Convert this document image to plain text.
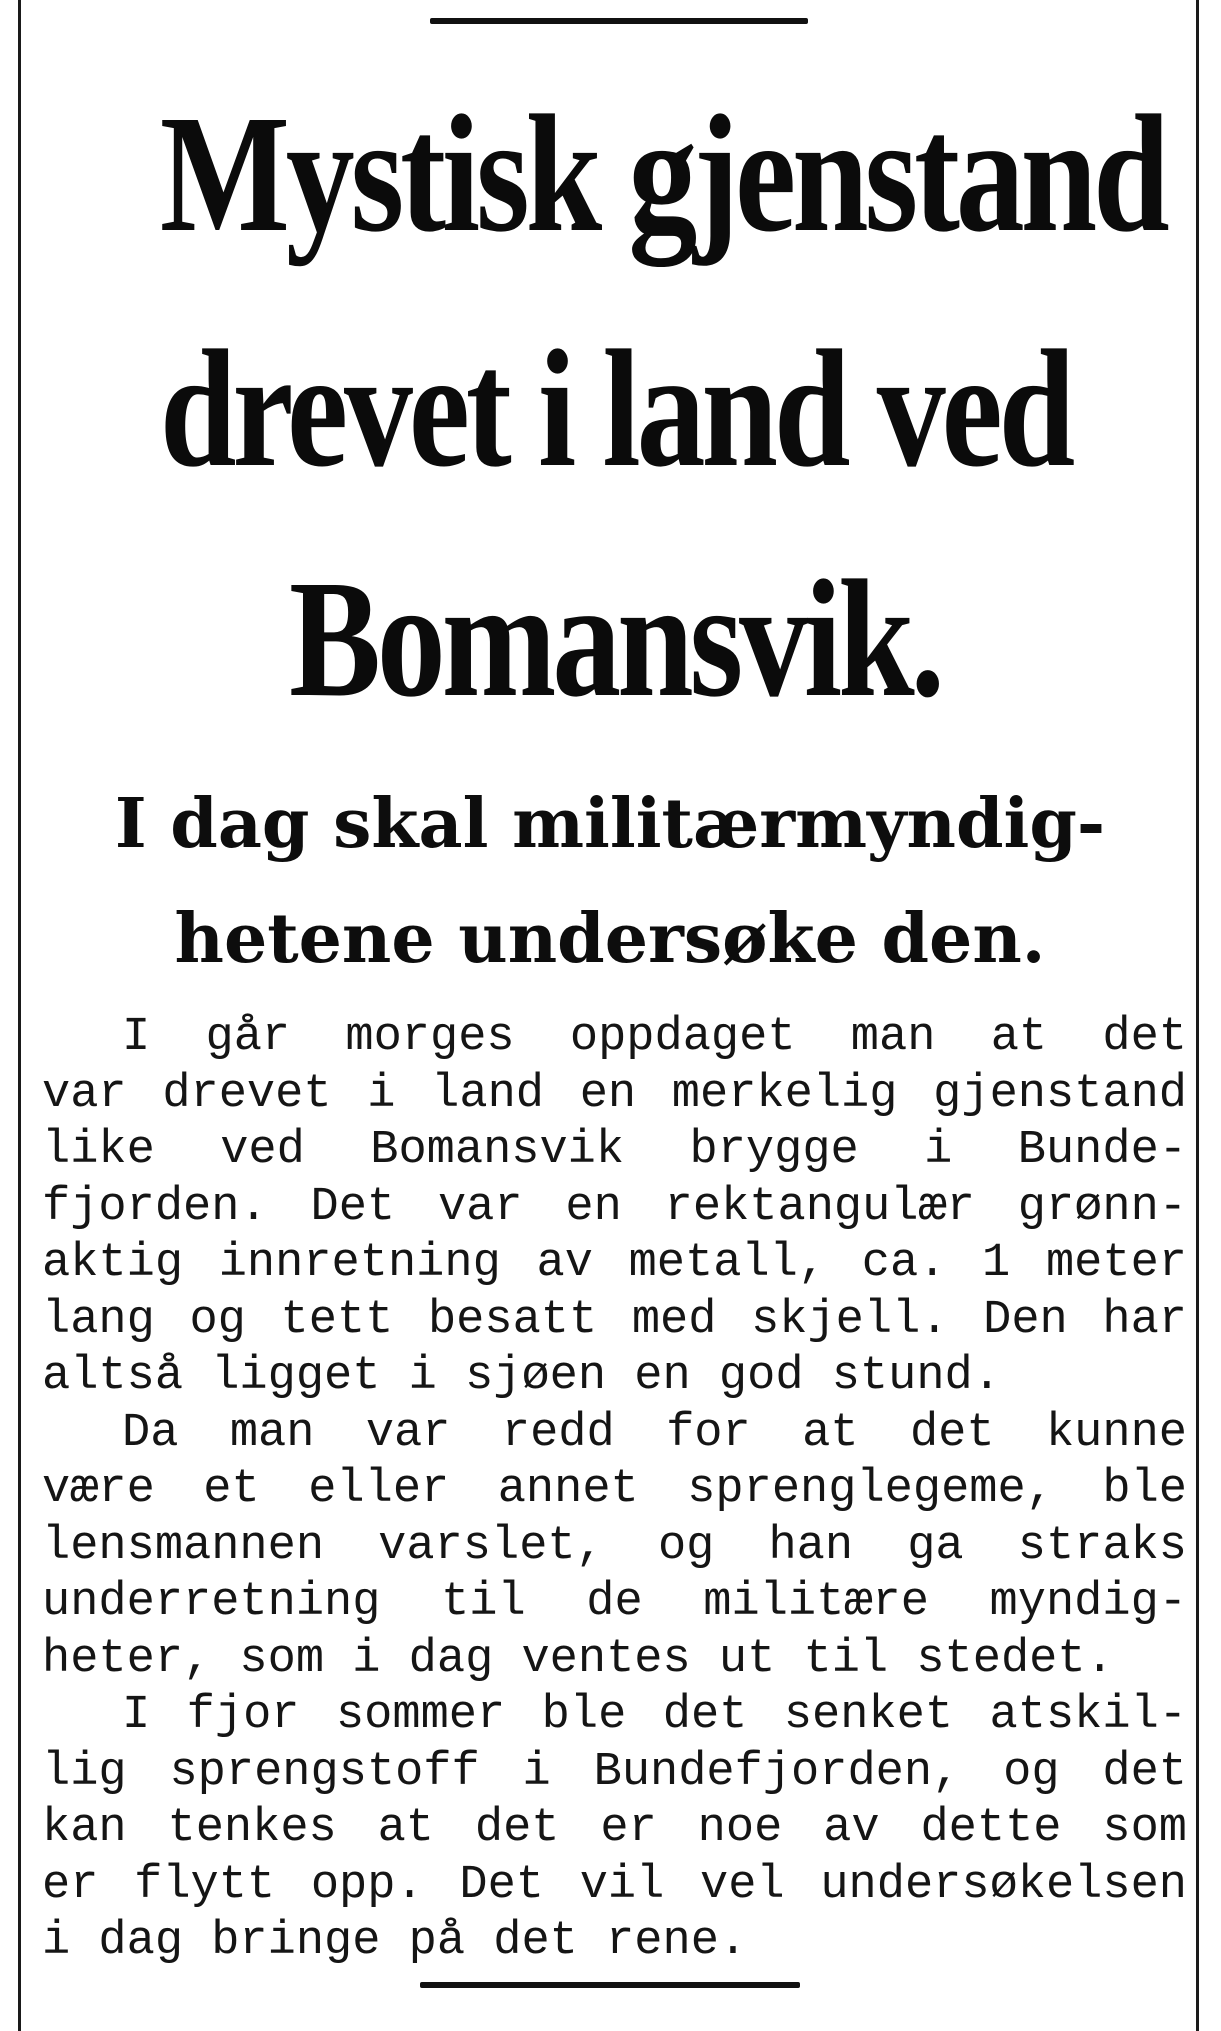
Mystisk gjenstand
drevet i land ved
Bomansvik.
I dag skal militærmyndig-
hetene undersøke den.

I går morges oppdaget man at det
var drevet i land en merkelig gjenstand
like ved Bomansvik brygge i Bunde-
fjorden. Det var en rektangulær grønn-
aktig innretning av metall, ca. 1 meter
lang og tett besatt med skjell. Den har
altså ligget i sjøen en god stund.

Da man var redd for at det kunne
være et eller annet sprenglegeme, ble
lensmannen varslet, og han ga straks
underretning til de militære myndig-
heter, som i dag ventes ut til stedet.

I fjor sommer ble det senket atskil-
lig sprengstoff i Bundefjorden, og det
kan tenkes at det er noe av dette som
er flytt opp. Det vil vel undersøkelsen
i dag bringe på det rene.
